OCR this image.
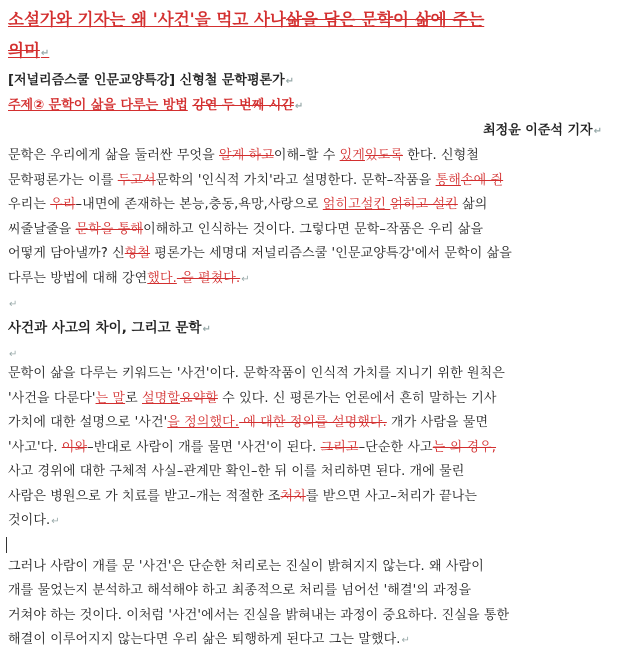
소설가와 기자는 왜 '사건'을 먹고 사나삶을 담은 문학이 삶에 주는
의미↵
[저널리즘스쿨 인문교양특강] 신형철 문학평론가↵
주제② 문학이 삶을 다루는 방법 강연 두 번째 시간↵
최정윤 이준석 기자↵
문학은 우리에게 삶을 둘러싼 무엇을 알게 하고이해–할 수 있게있도록 한다. 신형철
문학평론가는 이를 두고서문학의 '인식적 가치'라고 설명한다. 문학–작품을 통해손에 쥔
우리는 우리–내면에 존재하는 본능,충동,욕망,사랑으로 얽히고설킨 얽히고 설킨 삶의
씨줄날줄을 문학을 통해이해하고 인식하는 것이다. 그렇다면 문학–작품은 우리 삶을
어떻게 담아낼까? 신형철 평론가는 세명대 저널리즘스쿨 '인문교양특강'에서 문학이 삶을
다루는 방법에 대해 강연했다. 을 펼쳤다.↵
↵
사건과 사고의 차이, 그리고 문학↵
↵
문학이 삶을 다루는 키워드는 '사건'이다. 문학작품이 인식적 가치를 지니기 위한 원칙은
'사건을 다룬다'는 말로 설명할요약할 수 있다. 신 평론가는 언론에서 흔히 말하는 기사
가치에 대한 설명으로 '사건'을 정의했다. 에 대한 정의를 설명했다. 개가 사람을 물면
'사고'다. 이와–반대로 사람이 개를 물면 '사건'이 된다. 그리고–단순한 사고는 의 경우,
사고 경위에 대한 구체적 사실–관계만 확인–한 뒤 이를 처리하면 된다. 개에 물린
사람은 병원으로 가 치료를 받고–개는 적절한 조처치를 받으면 사고–처리가 끝나는
것이다.↵
그러나 사람이 개를 문 '사건'은 단순한 처리로는 진실이 밝혀지지 않는다. 왜 사람이
개를 물었는지 분석하고 해석해야 하고 최종적으로 처리를 넘어선 '해결'의 과정을
거쳐야 하는 것이다. 이처럼 '사건'에서는 진실을 밝혀내는 과정이 중요하다. 진실을 통한
해결이 이루어지지 않는다면 우리 삶은 퇴행하게 된다고 그는 말했다.↵
